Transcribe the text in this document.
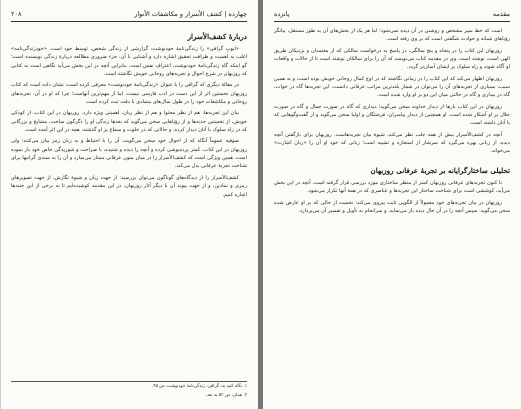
چهارده | کشف الأسرار و مکاشفات الأنوار
۲۰۸
دربارهٔ کشف‌الأسرار

«ایوبِ گرافی» را زندگی‌نامهٔ خودنوشت، گزارشی از زندگی شخص، توسط خود است. «خودزندگی‌نامه» اغلب به اهمیت و ظرافت تحقیق اشاره دارد و آشنایی با آن، جزء ضروری مطالعه دربارهٔ زندگی نویسنده است؛ گو اینکه گاه زندگی‌نامهٔ خودنوشت، اعتراف نفس است. بنابراین آنچه در این بخش می‌آید نگاهی است به کتابی که روزبهان در شرح احوال و تجربه‌های روحانی خویش نگاشته است.

در مقالهٔ دیگری که گرافی را با عنوان «زندگی‌نامهٔ خودنوشت» معرفی کرده است، نشان داده است که کتاب روزبهان نخستین اثر از این دست در ادب فارسی نیست، اما از مهم‌ترین آنهاست؛ چرا که او در آن، تجربه‌های روحانی و مکاشفات خود را در طول سال‌های متمادی با دقت ثبت کرده است.

بیان این تجربه‌ها، هم از نظر محتوا و هم از نظر زبان، اهمیتی ویژه دارد. روزبهان در این کتاب، از کودکی خویش، از نخستین جذبه‌ها و از رؤیاهایی سخن می‌گوید که بعدها زندگی او را دگرگون ساخت. مشایخ و بزرگانی که در راه سلوک با آنان دیدار کرده، و حالاتی که در خلوت و سماع بر او گذشته، همه در این اثر آمده است.

صوفیه عموماً آنگاه که از احوال خود سخن می‌گویند، آن را با احتیاط و به زبان رمز بیان می‌کنند؛ ولی روزبهان در این کتاب، کمتر پرده‌پوشی کرده و آنچه را دیده و شنیده، با صراحت و شوریدگی خاص خود باز نموده است. همین ویژگی است که کشف‌الأسرار را در میان متون عرفانی ممتاز می‌سازد و آن را به سندی گرانبها برای شناخت تجربهٔ عرفانی بدل می‌کند.

کشف‌الأسرار را از دیدگاه‌های گوناگون می‌توان بررسید: از جهت زبان و شیوهٔ نگارش، از جهت تصویرهای رمزی و نمادین، و از جهت پیوند آن با دیگر آثار روزبهان. در این مقدمه کوشیده‌ایم تا به برخی از این جنبه‌ها اشاره کنیم.

۱. نگاه کنید به: گرافی، زندگی‌نامهٔ خودنوشت، ص ۴۵.

۲. همان، ص ۵۲ به بعد.

مقدمه
پانزده

است که خط سیر مشخص و روشنی در آن دیده نمی‌شود؛ اما هر یک از بخش‌های آن به طور مستقل، بیانگر رؤیاهای شبانه و حوادث شگفتی است که بر وی رفته است.

روزبهان این کتاب را در پنجاه و پنج سالگی، در پاسخ به درخواست سالکی که از معتمدان و نزدیکان طریق الهی است، نوشته است. وی در مقدمه کتاب می‌نویسد که آن را برای سالکان نوشته است تا از حالات و واقعات او آگاه شوند و راه سلوک بر ایشان آسان‌تر گردد.

روزبهان اظهار می‌کند که این کتاب را در زمانی نگاشته که در اوج کمال روحانی خویش بوده است، و به همین سبب، بسیاری از تجربه‌های آن را می‌توان در شمار بلندترین مراتب عرفانی دانست. این تجربه‌ها گاه در خواب، گاه در بیداری و گاه در حالتی میان این دو بر او وارد شده است.

روزبهان در این کتاب بارها از دیدار خداوند سخن می‌گوید؛ دیداری که گاه در صورت جمال و گاه در صورت جلال بر او آشکار شده است. او همچنین از دیدار پیامبران، فرشتگان و اولیا سخن می‌گوید و از گفت‌وگوهایی که با آنان داشته است.

آنچه در کشف‌الأسرار بیش از همه جلب نظر می‌کند، شیوهٔ بیان تجربه‌هاست. روزبهان برای بازگفتن آنچه دیده، از زبانی بهره می‌گیرد که سرشار از استعاره و تشبیه است؛ زبانی که خود او آن را «زبان اشارت» می‌خواند.

تحلیلی ساختارگرایانه بر تجربهٔ عرفانی روزبهان

تا کنون تجربه‌های عرفانی روزبهان کمتر از منظر ساختاری مورد بررسی قرار گرفته است. آنچه در این بخش می‌آید، کوششی است برای شناخت ساختار این تجربه‌ها و عناصری که در همهٔ آنها تکرار می‌شود.

روزبهان در بیان تجربه‌های خود معمولاً از الگویی ثابت پیروی می‌کند: نخست از حالی که بر او عارض شده سخن می‌گوید، سپس آنچه را در آن حال دیده باز می‌نماید، و سرانجام به تأویل و تفسیر آن می‌پردازد.
